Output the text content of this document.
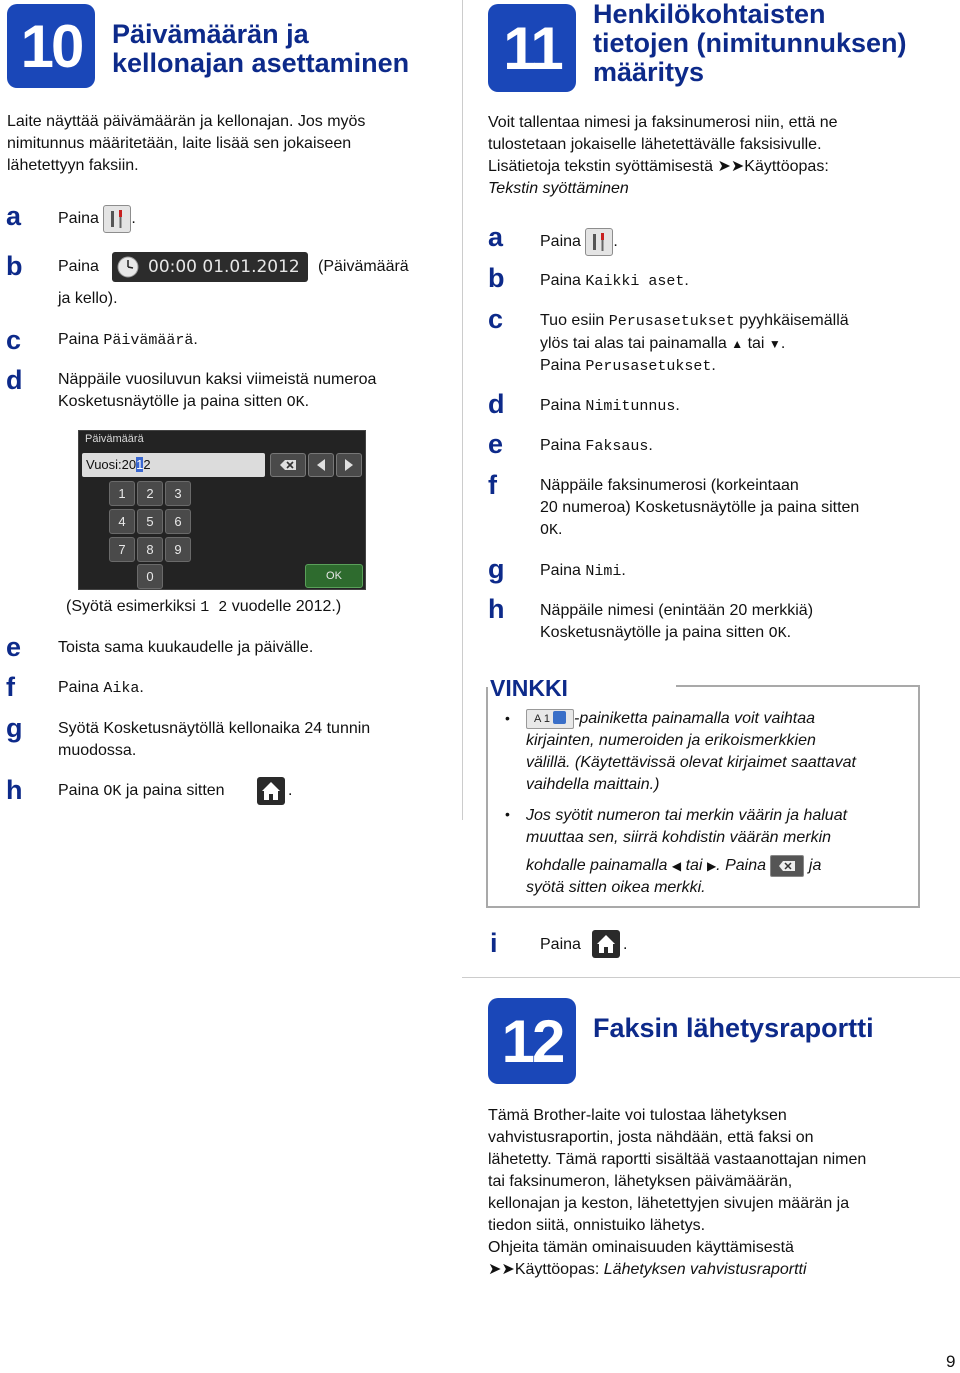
10 Päivämäärän ja
kellonajan asettaminen
Laite näyttää päivämäärän ja kellonajan. Jos myös
nimitunnus määritetään, laite lisää sen jokaiseen
lähetettyyn faksiin.
a	Paina .
b	Paina	00:00 01.01.2012 (Päivämäärä
ja kello).
c	Paina Päivämäärä.
d	Näppäile vuosiluvun kaksi viimeistä numeroa
Kosketusnäytölle ja paina sitten OK.
Päivämäärä
Vuosi:2012
1	2	3
4	5	6
7	8	9
0	OK
(Syötä esimerkiksi 1 2 vuodelle 2012.)
e	Toista sama kuukaudelle ja päivälle.
f	Paina Aika.
g	Syötä Kosketusnäytöllä kellonaika 24 tunnin
muodossa.
h	Paina OK ja paina sitten	.
11
Henkilökohtaisten
tietojen (nimitunnuksen)
määritys
Voit tallentaa nimesi ja faksinumerosi niin, että ne
tulostetaan jokaiselle lähetettävälle faksisivulle.
Lisätietoja tekstin syöttämisestä ➤➤Käyttöopas:
Tekstin syöttäminen
a	Paina .
b	Paina Kaikki aset.
c	Tuo esiin Perusasetukset pyyhkäisemällä
ylös tai alas tai painamalla ▲ tai ▼.
Paina Perusasetukset.
d	Paina Nimitunnus.
e	Paina Faksaus.
f	Näppäile faksinumerosi (korkeintaan
20 numeroa) Kosketusnäytölle ja paina sitten
OK.
g	Paina Nimi.
h	Näppäile nimesi (enintään 20 merkkiä)
Kosketusnäytölle ja paina sitten OK.
VINKKI
•	A 1 -painiketta painamalla voit vaihtaa
kirjainten, numeroiden ja erikoismerkkien
välillä. (Käytettävissä olevat kirjaimet saattavat
vaihdella maittain.)
• Jos syötit numeron tai merkin väärin ja haluat
muuttaa sen, siirrä kohdistin väärän merkin
kohdalle painamalla ◀ tai ▶. Paina	ja
syötä sitten oikea merkki.
i	Paina	.
12 Faksin lähetysraportti
Tämä Brother-laite voi tulostaa lähetyksen
vahvistusraportin, josta nähdään, että faksi on
lähetetty. Tämä raportti sisältää vastaanottajan nimen
tai faksinumeron, lähetyksen päivämäärän,
kellonajan ja keston, lähetettyjen sivujen määrän ja
tiedon siitä, onnistuiko lähetys.
Ohjeita tämän ominaisuuden käyttämisestä
➤➤Käyttöopas: Lähetyksen vahvistusraportti
9
